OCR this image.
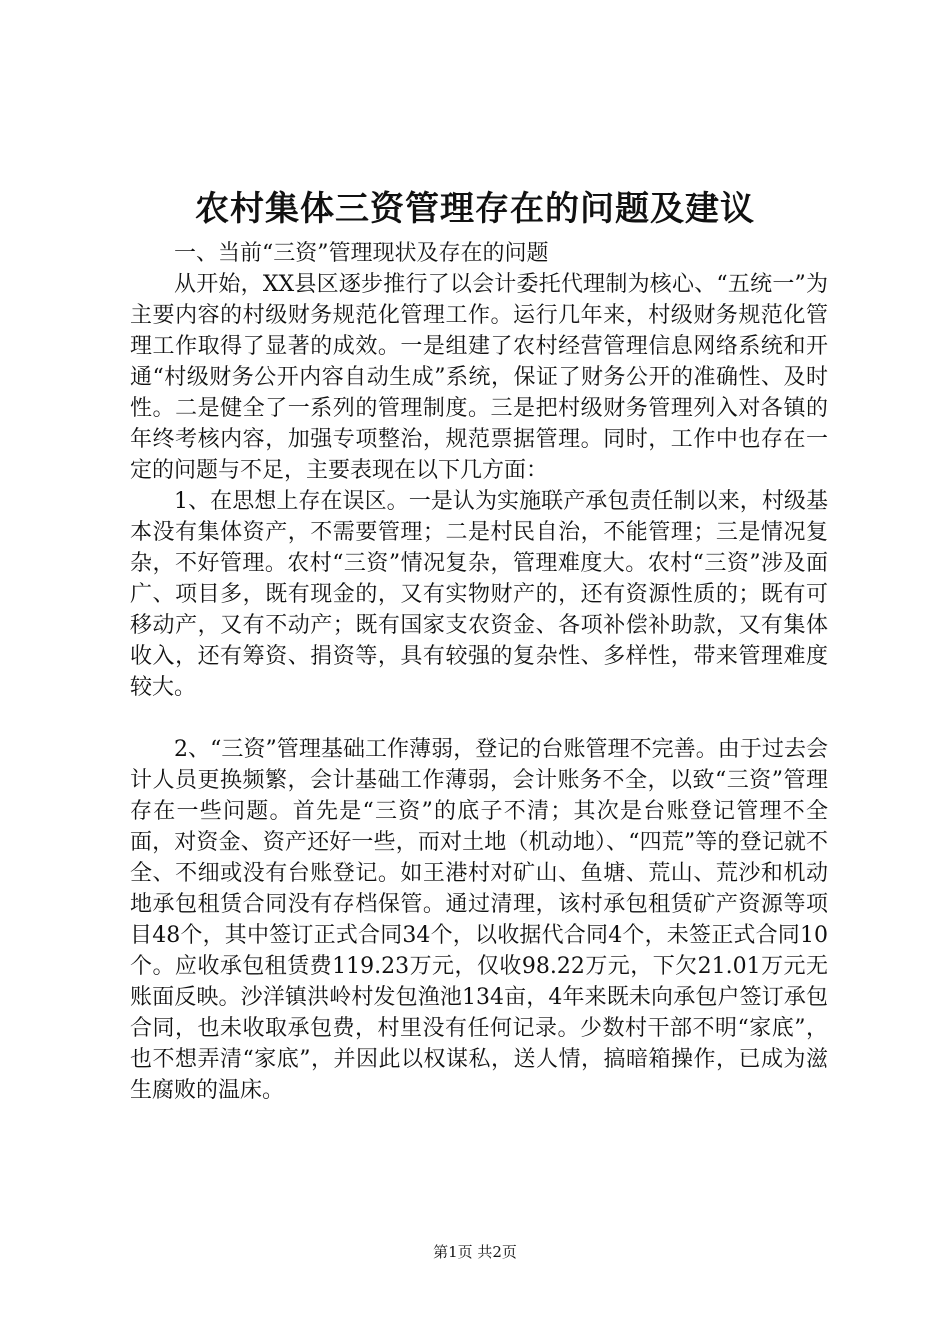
农村集体三资管理存在的问题及建议

一、当前“三资”管理现状及存在的问题

从开始，XX县区逐步推行了以会计委托代理制为核心、“五统一”为主要内容的村级财务规范化管理工作。运行几年来，村级财务规范化管理工作取得了显著的成效。一是组建了农村经营管理信息网络系统和开通“村级财务公开内容自动生成”系统，保证了财务公开的准确性、及时性。二是健全了一系列的管理制度。三是把村级财务管理列入对各镇的年终考核内容，加强专项整治，规范票据管理。同时，工作中也存在一定的问题与不足，主要表现在以下几方面：

1、在思想上存在误区。一是认为实施联产承包责任制以来，村级基本没有集体资产，不需要管理；二是村民自治，不能管理；三是情况复杂，不好管理。农村“三资”情况复杂，管理难度大。农村“三资”涉及面广、项目多，既有现金的，又有实物财产的，还有资源性质的；既有可移动产，又有不动产；既有国家支农资金、各项补偿补助款，又有集体收入，还有筹资、捐资等，具有较强的复杂性、多样性，带来管理难度较大。

2、“三资”管理基础工作薄弱，登记的台账管理不完善。由于过去会计人员更换频繁，会计基础工作薄弱，会计账务不全，以致“三资”管理存在一些问题。首先是“三资”的底子不清；其次是台账登记管理不全面，对资金、资产还好一些，而对土地（机动地）、“四荒”等的登记就不全、不细或没有台账登记。如王港村对矿山、鱼塘、荒山、荒沙和机动地承包租赁合同没有存档保管。通过清理，该村承包租赁矿产资源等项目48个，其中签订正式合同34个，以收据代合同4个，未签正式合同10个。应收承包租赁费119.23万元，仅收98.22万元，下欠21.01万元无账面反映。沙洋镇洪岭村发包渔池134亩，4年来既未向承包户签订承包合同，也未收取承包费，村里没有任何记录。少数村干部不明“家底”，也不想弄清“家底”，并因此以权谋私，送人情，搞暗箱操作，已成为滋生腐败的温床。

第1页 共2页
